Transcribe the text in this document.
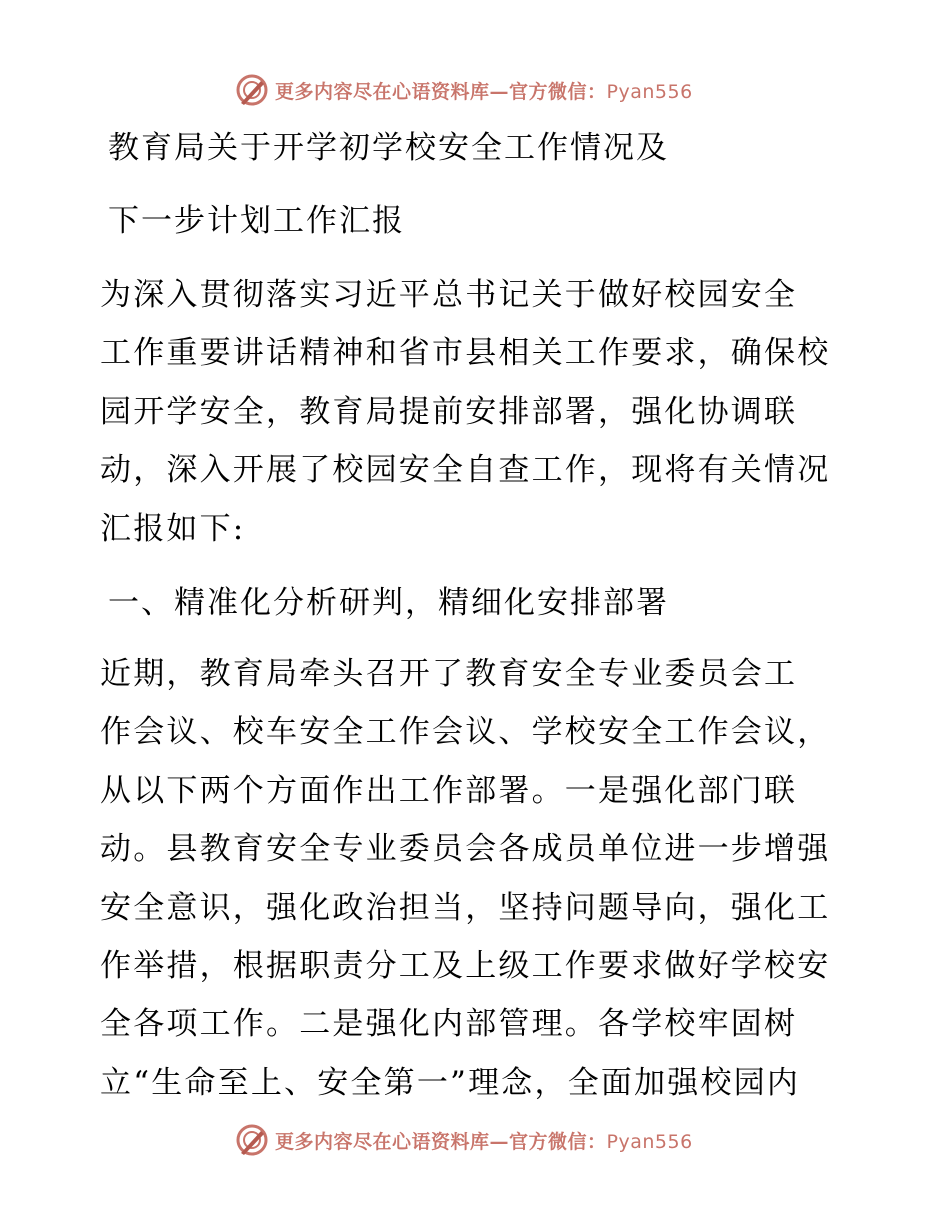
更多内容尽在心语资料库—官方微信：Pyan556
教育局关于开学初学校安全工作情况及
下一步计划工作汇报
为深入贯彻落实习近平总书记关于做好校园安全
工作重要讲话精神和省市县相关工作要求，确保校
园开学安全，教育局提前安排部署，强化协调联
动，深入开展了校园安全自查工作，现将有关情况
汇报如下:
一、精准化分析研判，精细化安排部署
近期，教育局牵头召开了教育安全专业委员会工
作会议、校车安全工作会议、学校安全工作会议，
从以下两个方面作出工作部署。一是强化部门联
动。县教育安全专业委员会各成员单位进一步增强
安全意识，强化政治担当，坚持问题导向，强化工
作举措，根据职责分工及上级工作要求做好学校安
全各项工作。二是强化内部管理。各学校牢固树
立“生命至上、安全第一”理念，全面加强校园内
更多内容尽在心语资料库—官方微信：Pyan556
